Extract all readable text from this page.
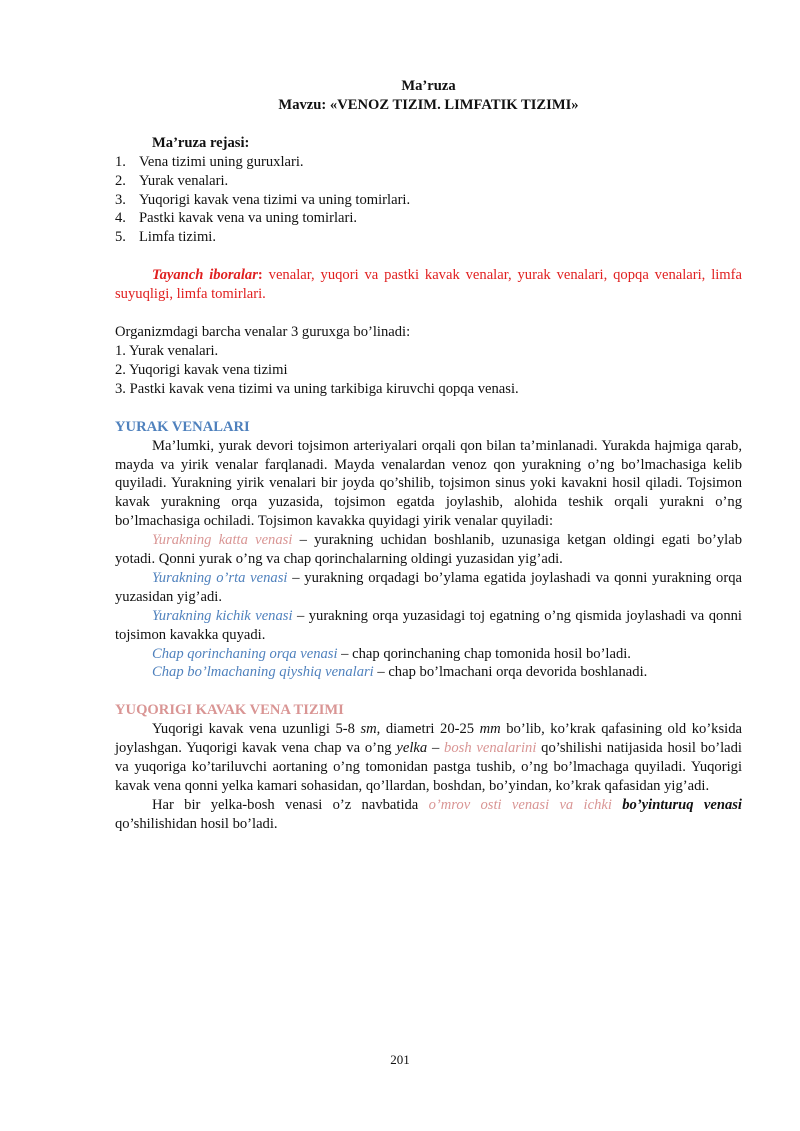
Ma’ruza

Mavzu: «VENOZ TIZIM. LIMFATIK TIZIMI»

Ma’ruza rejasi:

1. Vena tizimi uning guruxlari.
2. Yurak venalari.
3. Yuqorigi kavak vena tizimi va uning tomirlari.
4. Pastki kavak vena va uning tomirlari.
5. Limfa tizimi.

Tayanch iboralar: venalar, yuqori va pastki kavak venalar, yurak venalari, qopqa venalari, limfa suyuqligi, limfa tomirlari.

Organizmdagi barcha venalar 3 guruxga bo’linadi:

1. Yurak venalari.

2. Yuqorigi kavak vena tizimi

3. Pastki kavak vena tizimi va uning tarkibiga kiruvchi qopqa venasi.

YURAK VENALARI

Ma’lumki, yurak devori tojsimon arteriyalari orqali qon bilan ta’minlanadi. Yurakda hajmiga qarab, mayda va yirik venalar farqlanadi. Mayda venalardan venoz qon yurakning o’ng bo’lmachasiga kelib quyiladi. Yurakning yirik venalari bir joyda qo’shilib, tojsimon sinus yoki kavakni hosil qiladi. Tojsimon kavak yurakning orqa yuzasida, tojsimon egatda joylashib, alohida teshik orqali yurakni o’ng bo’lmachasiga ochiladi. Tojsimon kavakka quyidagi yirik venalar quyiladi:

Yurakning katta venasi – yurakning uchidan boshlanib, uzunasiga ketgan oldingi egati bo’ylab yotadi. Qonni yurak o’ng va chap qorinchalarning oldingi yuzasidan yig’adi.

Yurakning o’rta venasi – yurakning orqadagi bo’ylama egatida joylashadi va qonni yurakning orqa yuzasidan yig’adi.

Yurakning kichik venasi – yurakning orqa yuzasidagi toj egatning o’ng qismida joylashadi va qonni tojsimon kavakka quyadi.

Chap qorinchaning orqa venasi – chap qorinchaning chap tomonida hosil bo’ladi.

Chap bo’lmachaning qiyshiq venalari – chap bo’lmachani orqa devorida boshlanadi.

YUQORIGI KAVAK VENA TIZIMI

Yuqorigi kavak vena uzunligi 5-8 sm, diametri 20-25 mm bo’lib, ko’krak qafasining old ko’ksida joylashgan. Yuqorigi kavak vena chap va o’ng yelka – bosh venalarini qo’shilishi natijasida hosil bo’ladi va yuqoriga ko’tariluvchi aortaning o’ng tomonidan pastga tushib, o’ng bo’lmachaga quyiladi. Yuqorigi kavak vena qonni yelka kamari sohasidan, qo’llardan, boshdan, bo’yindan, ko’krak qafasidan yig’adi.

Har bir yelka-bosh venasi o’z navbatida o’mrov osti venasi va ichki bo’yinturuq venasi qo’shilishidan hosil bo’ladi.

201
